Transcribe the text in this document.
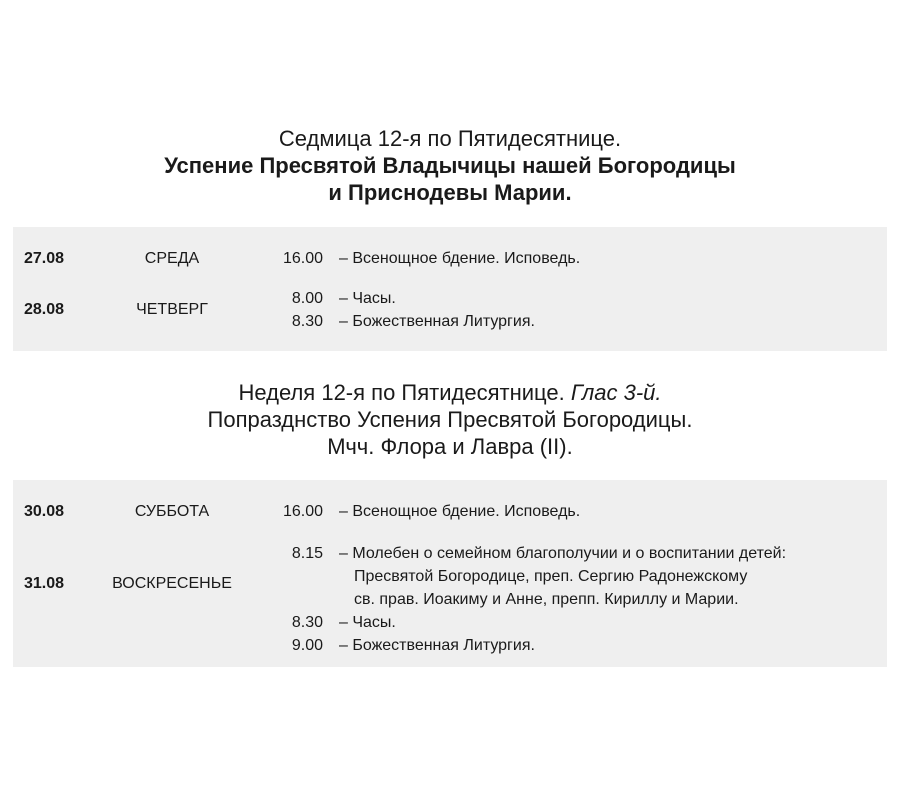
Седмица 12-я по Пятидесятнице.
Успение Пресвятой Владычицы нашей Богородицы
и Приснодевы Марии.
27.08	СРЕДА	16.00 – Всенощное бдение. Исповедь.
28.08	ЧЕТВЕРГ
8.00 – Часы.
8.30 – Божественная Литургия.
Неделя 12-я по Пятидесятнице. Глас 3-й.
Попразднство Успения Пресвятой Богородицы.
Мчч. Флора и Лавра (II).
30.08	СУББОТА	16.00 – Всенощное бдение. Исповедь.
31.08	ВОСКРЕСЕНЬЕ
8.15 – Молебен о семейном благополучии и о воспитании детей:
Пресвятой Богородице, преп. Сергию Радонежскому
св. прав. Иоакиму и Анне, препп. Кириллу и Марии.
8.30 – Часы.
9.00 – Божественная Литургия.
